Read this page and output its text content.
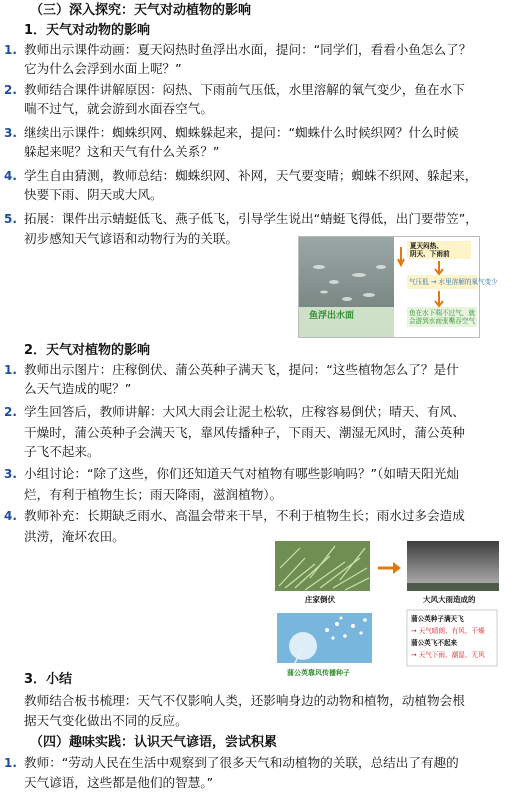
（三）深入探究：天气对动植物的影响
1．天气对动物的影响
1. 教师出示课件动画：夏天闷热时鱼浮出水面，提问：“同学们，看看小鱼怎么了？
它为什么会浮到水面上呢？”
2. 教师结合课件讲解原因：闷热、下雨前气压低，水里溶解的氧气变少，鱼在水下
喘不过气，就会游到水面吞空气。
3. 继续出示课件：蜘蛛织网、蜘蛛躲起来，提问：“蜘蛛什么时候织网？什么时候
躲起来呢？这和天气有什么关系？”
4. 学生自由猜测，教师总结：蜘蛛织网、补网，天气要变晴；蜘蛛不织网、躲起来，
快要下雨、阴天或大风。
5. 拓展：课件出示蜻蜓低飞、燕子低飞，引导学生说出“蜻蜓飞得低，出门要带笠”，
初步感知天气谚语和动物行为的关联。
鱼浮出水面
夏天闷热、
阴天、下雨前
气压低 → 水里溶解的氧气变少
鱼在水下喘不过气，就
会游到水面张嘴吞空气
2．天气对植物的影响
1. 教师出示图片：庄稼倒伏、蒲公英种子满天飞，提问：“这些植物怎么了？是什
么天气造成的呢？”
2. 学生回答后，教师讲解：大风大雨会让泥土松软，庄稼容易倒伏；晴天、有风、
干燥时，蒲公英种子会满天飞，靠风传播种子，下雨天、潮湿无风时，蒲公英种
子飞不起来。
3. 小组讨论：“除了这些，你们还知道天气对植物有哪些影响吗？”（如晴天阳光灿
烂，有利于植物生长；雨天降雨，滋润植物）。
4. 教师补充：长期缺乏雨水、高温会带来干旱，不利于植物生长；雨水过多会造成
洪涝，淹坏农田。
庄家倒伏	大风大雨造成的
蒲公英靠风传播种子
蒲公英种子满天飞
→ 天气晴朗、有风、干燥
蒲公英飞不起来
→ 天气下雨、潮湿、无风
3．小结
教师结合板书梳理：天气不仅影响人类，还影响身边的动物和植物，动植物会根
据天气变化做出不同的反应。
（四）趣味实践：认识天气谚语，尝试积累
1. 教师：“劳动人民在生活中观察到了很多天气和动植物的关联，总结出了有趣的
天气谚语，这些都是他们的智慧。”
